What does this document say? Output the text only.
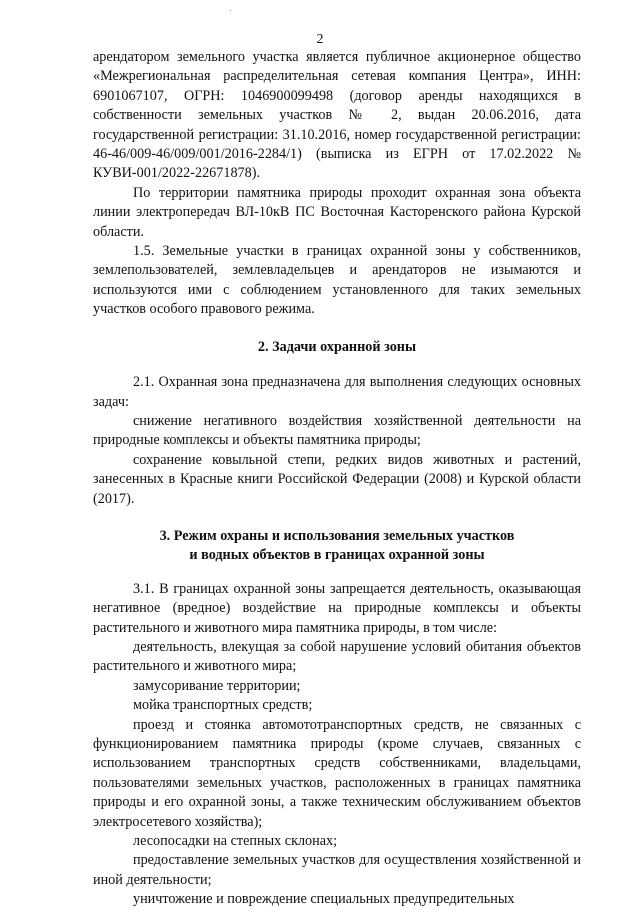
2

арендатором земельного участка является публичное акционерное общество «Межрегиональная распределительная сетевая компания Центра», ИНН: 6901067107, ОГРН: 1046900099498 (договор аренды находящихся в собственности земельных участков № 2, выдан 20.06.2016, дата государственной регистрации: 31.10.2016, номер государственной регистрации: 46-46/009-46/009/001/2016-2284/1) (выписка из ЕГРН от 17.02.2022 № КУВИ-001/2022-22671878).

По территории памятника природы проходит охранная зона объекта линии электропередач ВЛ-10кВ ПС Восточная Касторенского района Курской области.

1.5. Земельные участки в границах охранной зоны у собственников, землепользователей, землевладельцев и арендаторов не изымаются и используются ими с соблюдением установленного для таких земельных участков особого правового режима.

2. Задачи охранной зоны

2.1. Охранная зона предназначена для выполнения следующих основных задач:

снижение негативного воздействия хозяйственной деятельности на природные комплексы и объекты памятника природы;

сохранение ковыльной степи, редких видов животных и растений, занесенных в Красные книги Российской Федерации (2008) и Курской области (2017).

3. Режим охраны и использования земельных участков
и водных объектов в границах охранной зоны

3.1. В границах охранной зоны запрещается деятельность, оказывающая негативное (вредное) воздействие на природные комплексы и объекты растительного и животного мира памятника природы, в том числе:

деятельность, влекущая за собой нарушение условий обитания объектов растительного и животного мира;

замусоривание территории;

мойка транспортных средств;

проезд и стоянка автомототранспортных средств, не связанных с функционированием памятника природы (кроме случаев, связанных с использованием транспортных средств собственниками, владельцами, пользователями земельных участков, расположенных в границах памятника природы и его охранной зоны, а также техническим обслуживанием объектов электросетевого хозяйства);

лесопосадки на степных склонах;

предоставление земельных участков для осуществления хозяйственной и иной деятельности;

уничтожение и повреждение специальных предупредительных
